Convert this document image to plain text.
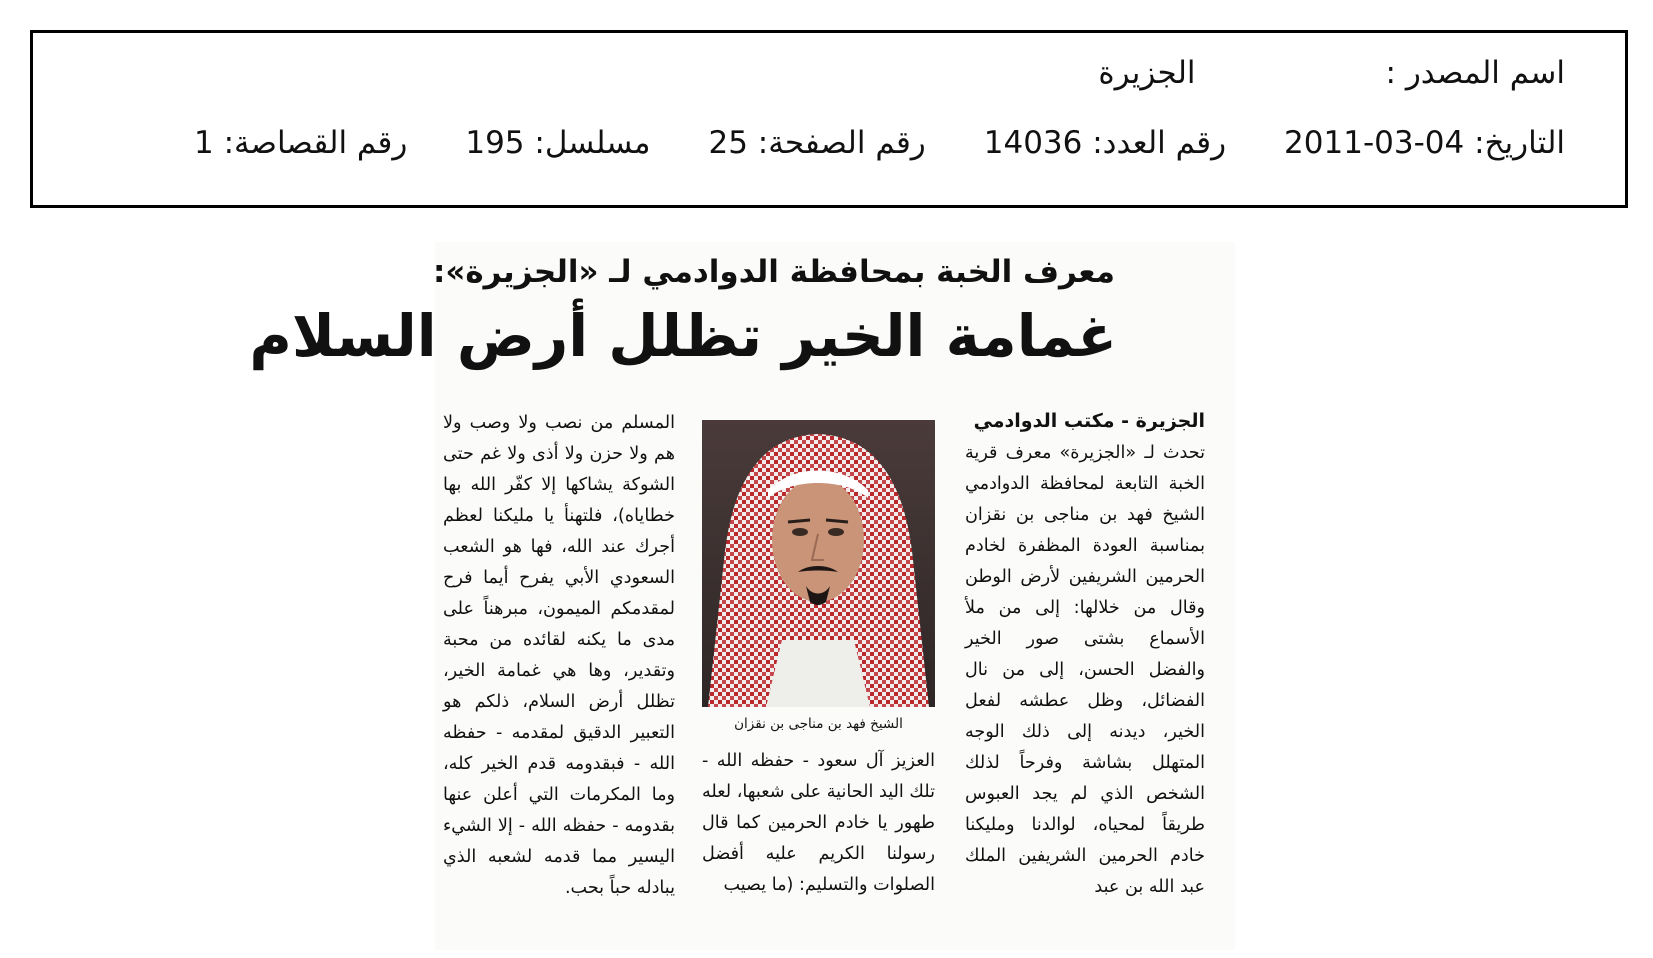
اسم المصدر :
الجزيرة
التاريخ: 04-03-2011
رقم العدد: 14036
رقم الصفحة: 25
مسلسل: 195
رقم القصاصة: 1
معرف الخبة بمحافظة الدوادمي لـ «الجزيرة»:
غمامة الخير تظلل أرض السلام
الجزيرة - مكتب الدوادمي

تحدث لـ «الجزيرة» معرف قرية الخبة التابعة لمحافظة الدوادمي الشيخ فهد بن مناجى بن نقزان بمناسبة العودة المظفرة لخادم الحرمين الشريفين لأرض الوطن وقال من خلالها: إلى من ملأ الأسماع بشتى صور الخير والفضل الحسن، إلى من نال الفضائل، وظل عطشه لفعل الخير، ديدنه إلى ذلك الوجه المتهلل بشاشة وفرحاً لذلك الشخص الذي لم يجد العبوس طريقاً لمحياه، لوالدنا ومليكنا خادم الحرمين الشريفين الملك عبد الله بن عبد

الشيخ فهد بن مناجى بن نقزان

العزيز آل سعود - حفظه الله - تلك اليد الحانية على شعبها، لعله طهور يا خادم الحرمين كما قال رسولنا الكريم عليه أفضل الصلوات والتسليم: (ما يصيب

المسلم من نصب ولا وصب ولا هم ولا حزن ولا أذى ولا غم حتى الشوكة يشاكها إلا كفّر الله بها خطاياه)، فلتهنأ يا مليكنا لعظم أجرك عند الله، فها هو الشعب السعودي الأبي يفرح أيما فرح لمقدمكم الميمون، مبرهناً على مدى ما يكنه لقائده من محبة وتقدير، وها هي غمامة الخير، تظلل أرض السلام، ذلكم هو التعبير الدقيق لمقدمه - حفظه الله - فبقدومه قدم الخير كله، وما المكرمات التي أعلن عنها بقدومه - حفظه الله - إلا الشيء اليسير مما قدمه لشعبه الذي يبادله حباً بحب.
